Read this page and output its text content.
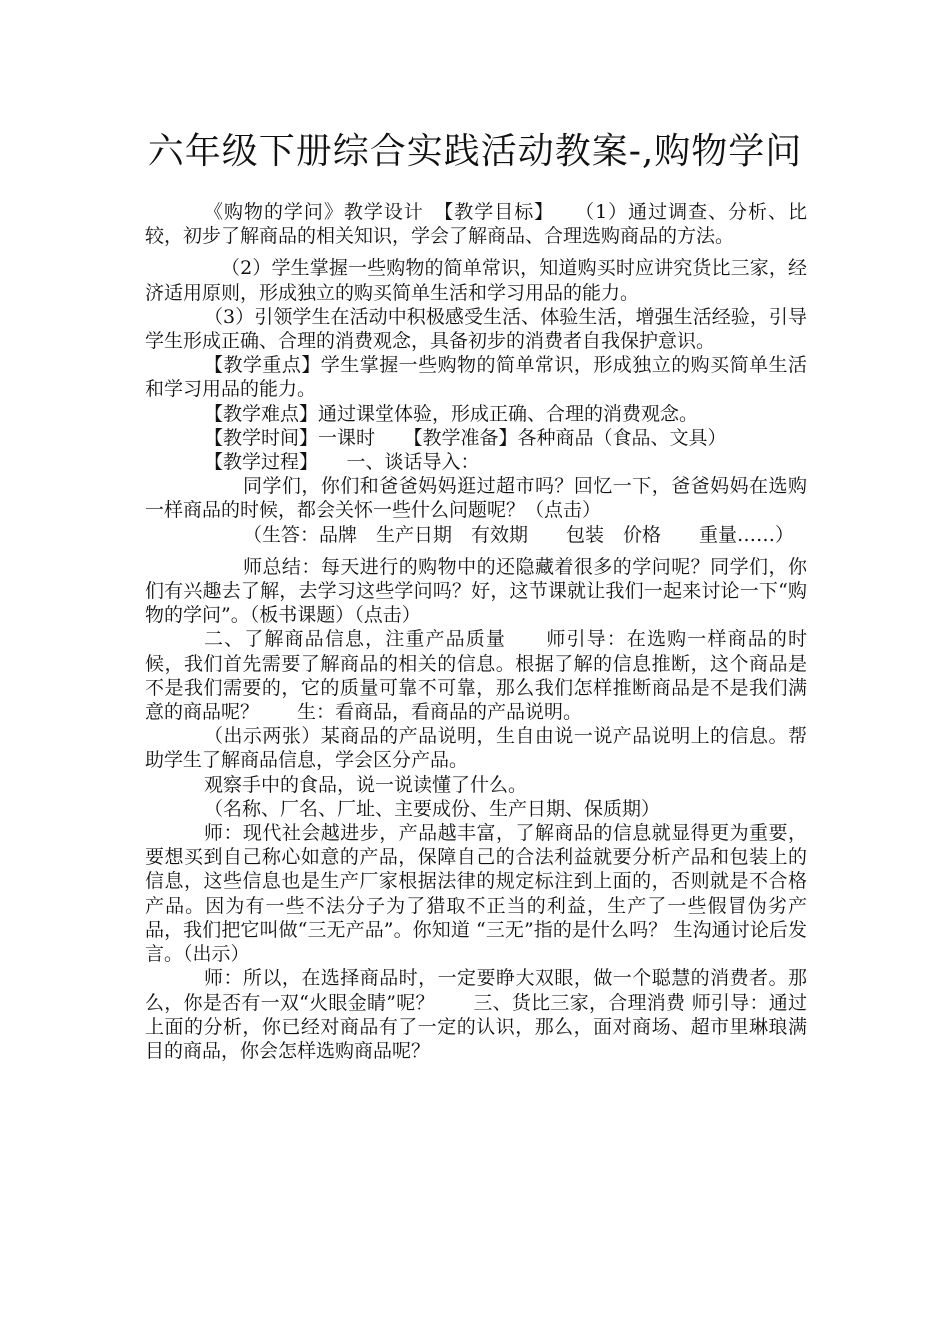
六年级下册综合实践活动教案-,购物学问

《购物的学问》教学设计　【教学目标】　　（1）通过调查、分析、比较，初步了解商品的相关知识，学会了解商品、合理选购商品的方法。

（2）学生掌握一些购物的简单常识，知道购买时应讲究货比三家，经济适用原则，形成独立的购买简单生活和学习用品的能力。

（3）引领学生在活动中积极感受生活、体验生活，增强生活经验，引导学生形成正确、合理的消费观念，具备初步的消费者自我保护意识。

【教学重点】学生掌握一些购物的简单常识，形成独立的购买简单生活和学习用品的能力。

【教学难点】通过课堂体验，形成正确、合理的消费观念。

【教学时间】一课时　　【教学准备】各种商品（食品、文具）

【教学过程】　　一、谈话导入：

同学们，你们和爸爸妈妈逛过超市吗？回忆一下，爸爸妈妈在选购一样商品的时候，都会关怀一些什么问题呢？（点击）

（生答：品牌　生产日期　有效期　　包装　价格　　重量……）

师总结：每天进行的购物中的还隐藏着很多的学问呢？同学们，你们有兴趣去了解，去学习这些学问吗？好，这节课就让我们一起来讨论一下“购物的学问”。（板书课题）（点击）

二、了解商品信息，注重产品质量　　师引导：在选购一样商品的时候，我们首先需要了解商品的相关的信息。根据了解的信息推断，这个商品是不是我们需要的，它的质量可靠不可靠，那么我们怎样推断商品是不是我们满意的商品呢？　　生：看商品，看商品的产品说明。

（出示两张）某商品的产品说明，生自由说一说产品说明上的信息。帮助学生了解商品信息，学会区分产品。

观察手中的食品，说一说读懂了什么。

（名称、厂名、厂址、主要成份、生产日期、保质期）

师：现代社会越进步，产品越丰富，了解商品的信息就显得更为重要，要想买到自己称心如意的产品，保障自己的合法利益就要分析产品和包装上的信息，这些信息也是生产厂家根据法律的规定标注到上面的，否则就是不合格产品。因为有一些不法分子为了猎取不正当的利益，生产了一些假冒伪劣产品，我们把它叫做“三无产品”。你知道 “三无”指的是什么吗？ 生沟通讨论后发言。（出示）

师：所以，在选择商品时，一定要睁大双眼，做一个聪慧的消费者。那么，你是否有一双“火眼金睛”呢？　　三、货比三家，合理消费 师引导：通过上面的分析，你已经对商品有了一定的认识，那么，面对商场、超市里琳琅满目的商品，你会怎样选购商品呢？
